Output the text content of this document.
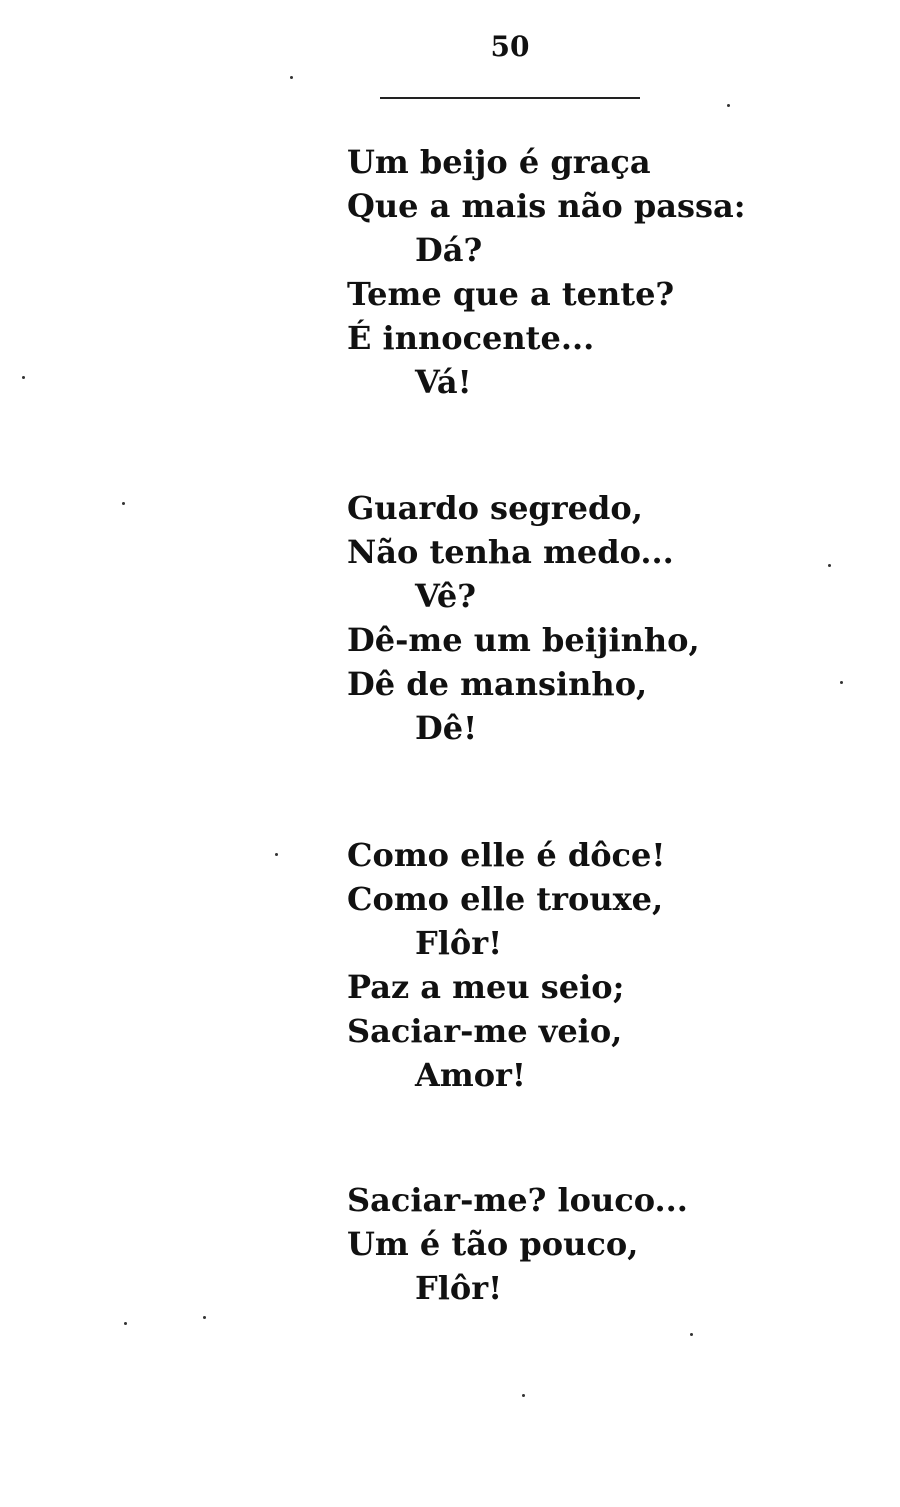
50
Um beijo é graça
Que a mais não passa:
Dá?
Teme que a tente?
É innocente...
Vá!
Guardo segredo,
Não tenha medo...
Vê?
Dê-me um beijinho,
Dê de mansinho,
Dê!
Como elle é dôce!
Como elle trouxe,
Flôr!
Paz a meu seio;
Saciar-me veio,
Amor!
Saciar-me? louco...
Um é tão pouco,
Flôr!
